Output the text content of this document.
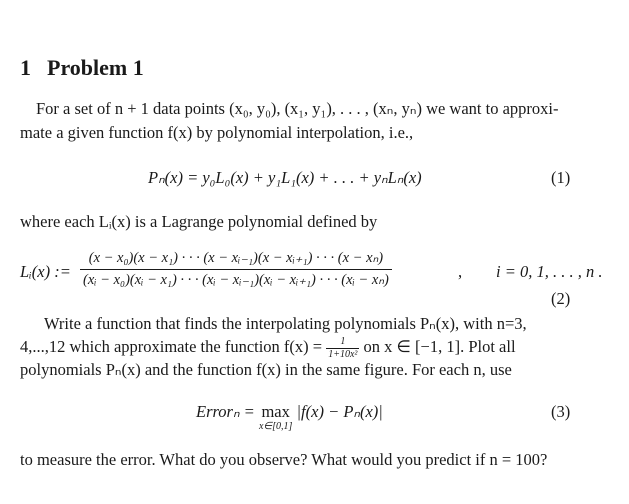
1 Problem 1
For a set of n + 1 data points (x₀, y₀), (x₁, y₁), . . . , (xₙ, yₙ) we want to approxi-
mate a given function f(x) by polynomial interpolation, i.e.,
Pₙ(x) = y₀L₀(x) + y₁L₁(x) + . . . + yₙLₙ(x)	(1)
where each Lᵢ(x) is a Lagrange polynomial defined by
Lᵢ(x) :=
(x − x₀)(x − x₁) · · · (x − xᵢ₋₁)(x − xᵢ₊₁) · · · (x − xₙ)
(xᵢ − x₀)(xᵢ − x₁) · · · (xᵢ − xᵢ₋₁)(xᵢ − xᵢ₊₁) · · · (xᵢ − xₙ)	, i = 0, 1, . . . , n .
(2)
Write a function that finds the interpolating polynomials Pₙ(x), with n=3,
4,...,12 which approximate the function $f(x) = \frac{1}{\text{1+10x²}}$ on x ∈ [−1, 1]. Plot all
polynomials Pₙ(x) and the function f(x) in the same figure. For each n, use
Errorₙ = max
x∈[0,1]
|f(x) − Pₙ(x)|	(3)
to measure the error. What do you observe? What would you predict if n = 100?
